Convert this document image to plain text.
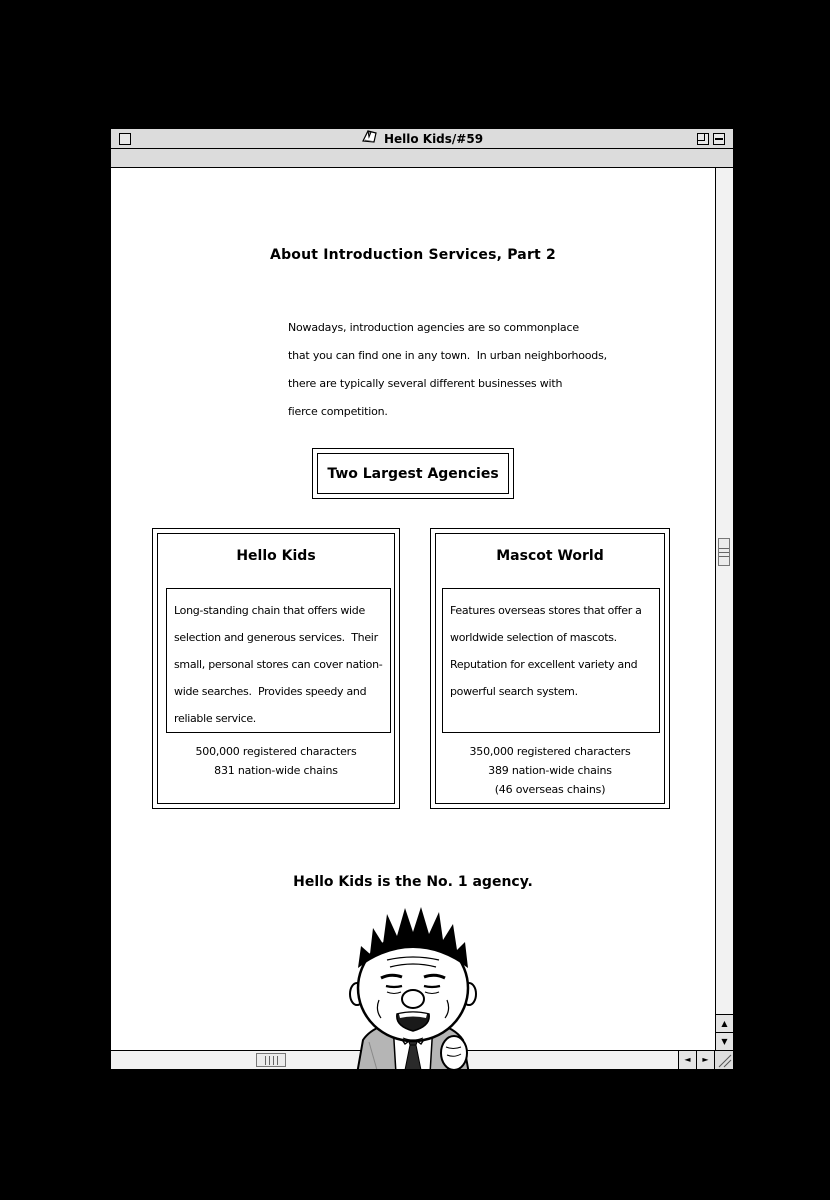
Hello Kids/#59
About Introduction Services, Part 2
Nowadays, introduction agencies are so commonplace
that you can find one in any town.  In urban neighborhoods,
there are typically several different businesses with
fierce competition.
Two Largest Agencies
Hello Kids
Long-standing chain that offers wide
selection and generous services.  Their
small, personal stores can cover nation-
wide searches.  Provides speedy and
reliable service.
500,000 registered characters
831 nation-wide chains
Mascot World
Features overseas stores that offer a
worldwide selection of mascots.
Reputation for excellent variety and
powerful search system.
350,000 registered characters
389 nation-wide chains
(46 overseas chains)
Hello Kids is the No. 1 agency.
▲
▼
◄ ►
